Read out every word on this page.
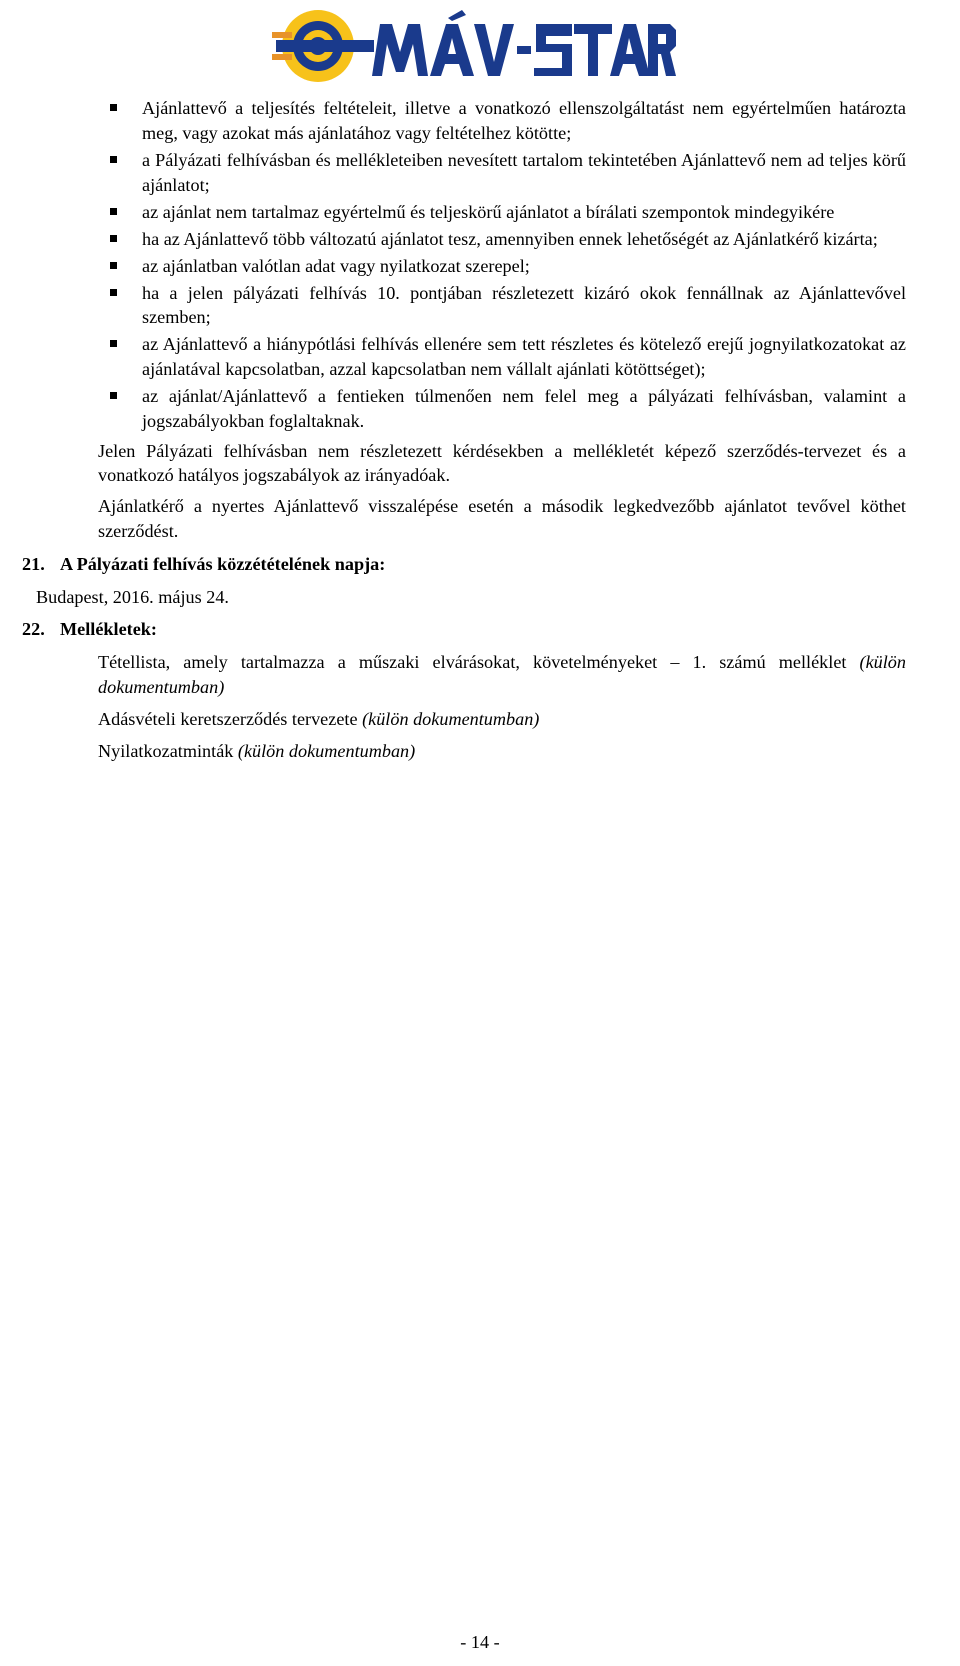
Ajánlattevő a teljesítés feltételeit, illetve a vonatkozó ellenszolgáltatást nem egyértelműen határozta meg, vagy azokat más ajánlatához vagy feltételhez kötötte;
a Pályázati felhívásban és mellékleteiben nevesített tartalom tekintetében Ajánlattevő nem ad teljes körű ajánlatot;
az ajánlat nem tartalmaz egyértelmű és teljeskörű ajánlatot a bírálati szempontok mindegyikére
ha az Ajánlattevő több változatú ajánlatot tesz, amennyiben ennek lehetőségét az Ajánlatkérő kizárta;
az ajánlatban valótlan adat vagy nyilatkozat szerepel;
ha a jelen pályázati felhívás 10. pontjában részletezett kizáró okok fennállnak az Ajánlattevővel szemben;
az Ajánlattevő a hiánypótlási felhívás ellenére sem tett részletes és kötelező erejű jognyilatkozatokat az ajánlatával kapcsolatban, azzal kapcsolatban nem vállalt ajánlati kötöttséget);
az ajánlat/Ajánlattevő a fentieken túlmenően nem felel meg a pályázati felhívásban, valamint a jogszabályokban foglaltaknak.

Jelen Pályázati felhívásban nem részletezett kérdésekben a mellékletét képező szerződés-tervezet és a vonatkozó hatályos jogszabályok az irányadóak.

Ajánlatkérő a nyertes Ajánlattevő visszalépése esetén a második legkedvezőbb ajánlatot tevővel köthet szerződést.

21. A Pályázati felhívás közzétételének napja:
Budapest, 2016. május 24.
22. Mellékletek:
Tétellista, amely tartalmazza a műszaki elvárásokat, követelményeket – 1. számú melléklet (külön dokumentumban)
Adásvételi keretszerződés tervezete (külön dokumentumban)
Nyilatkozatminták (külön dokumentumban)
- 14 -
